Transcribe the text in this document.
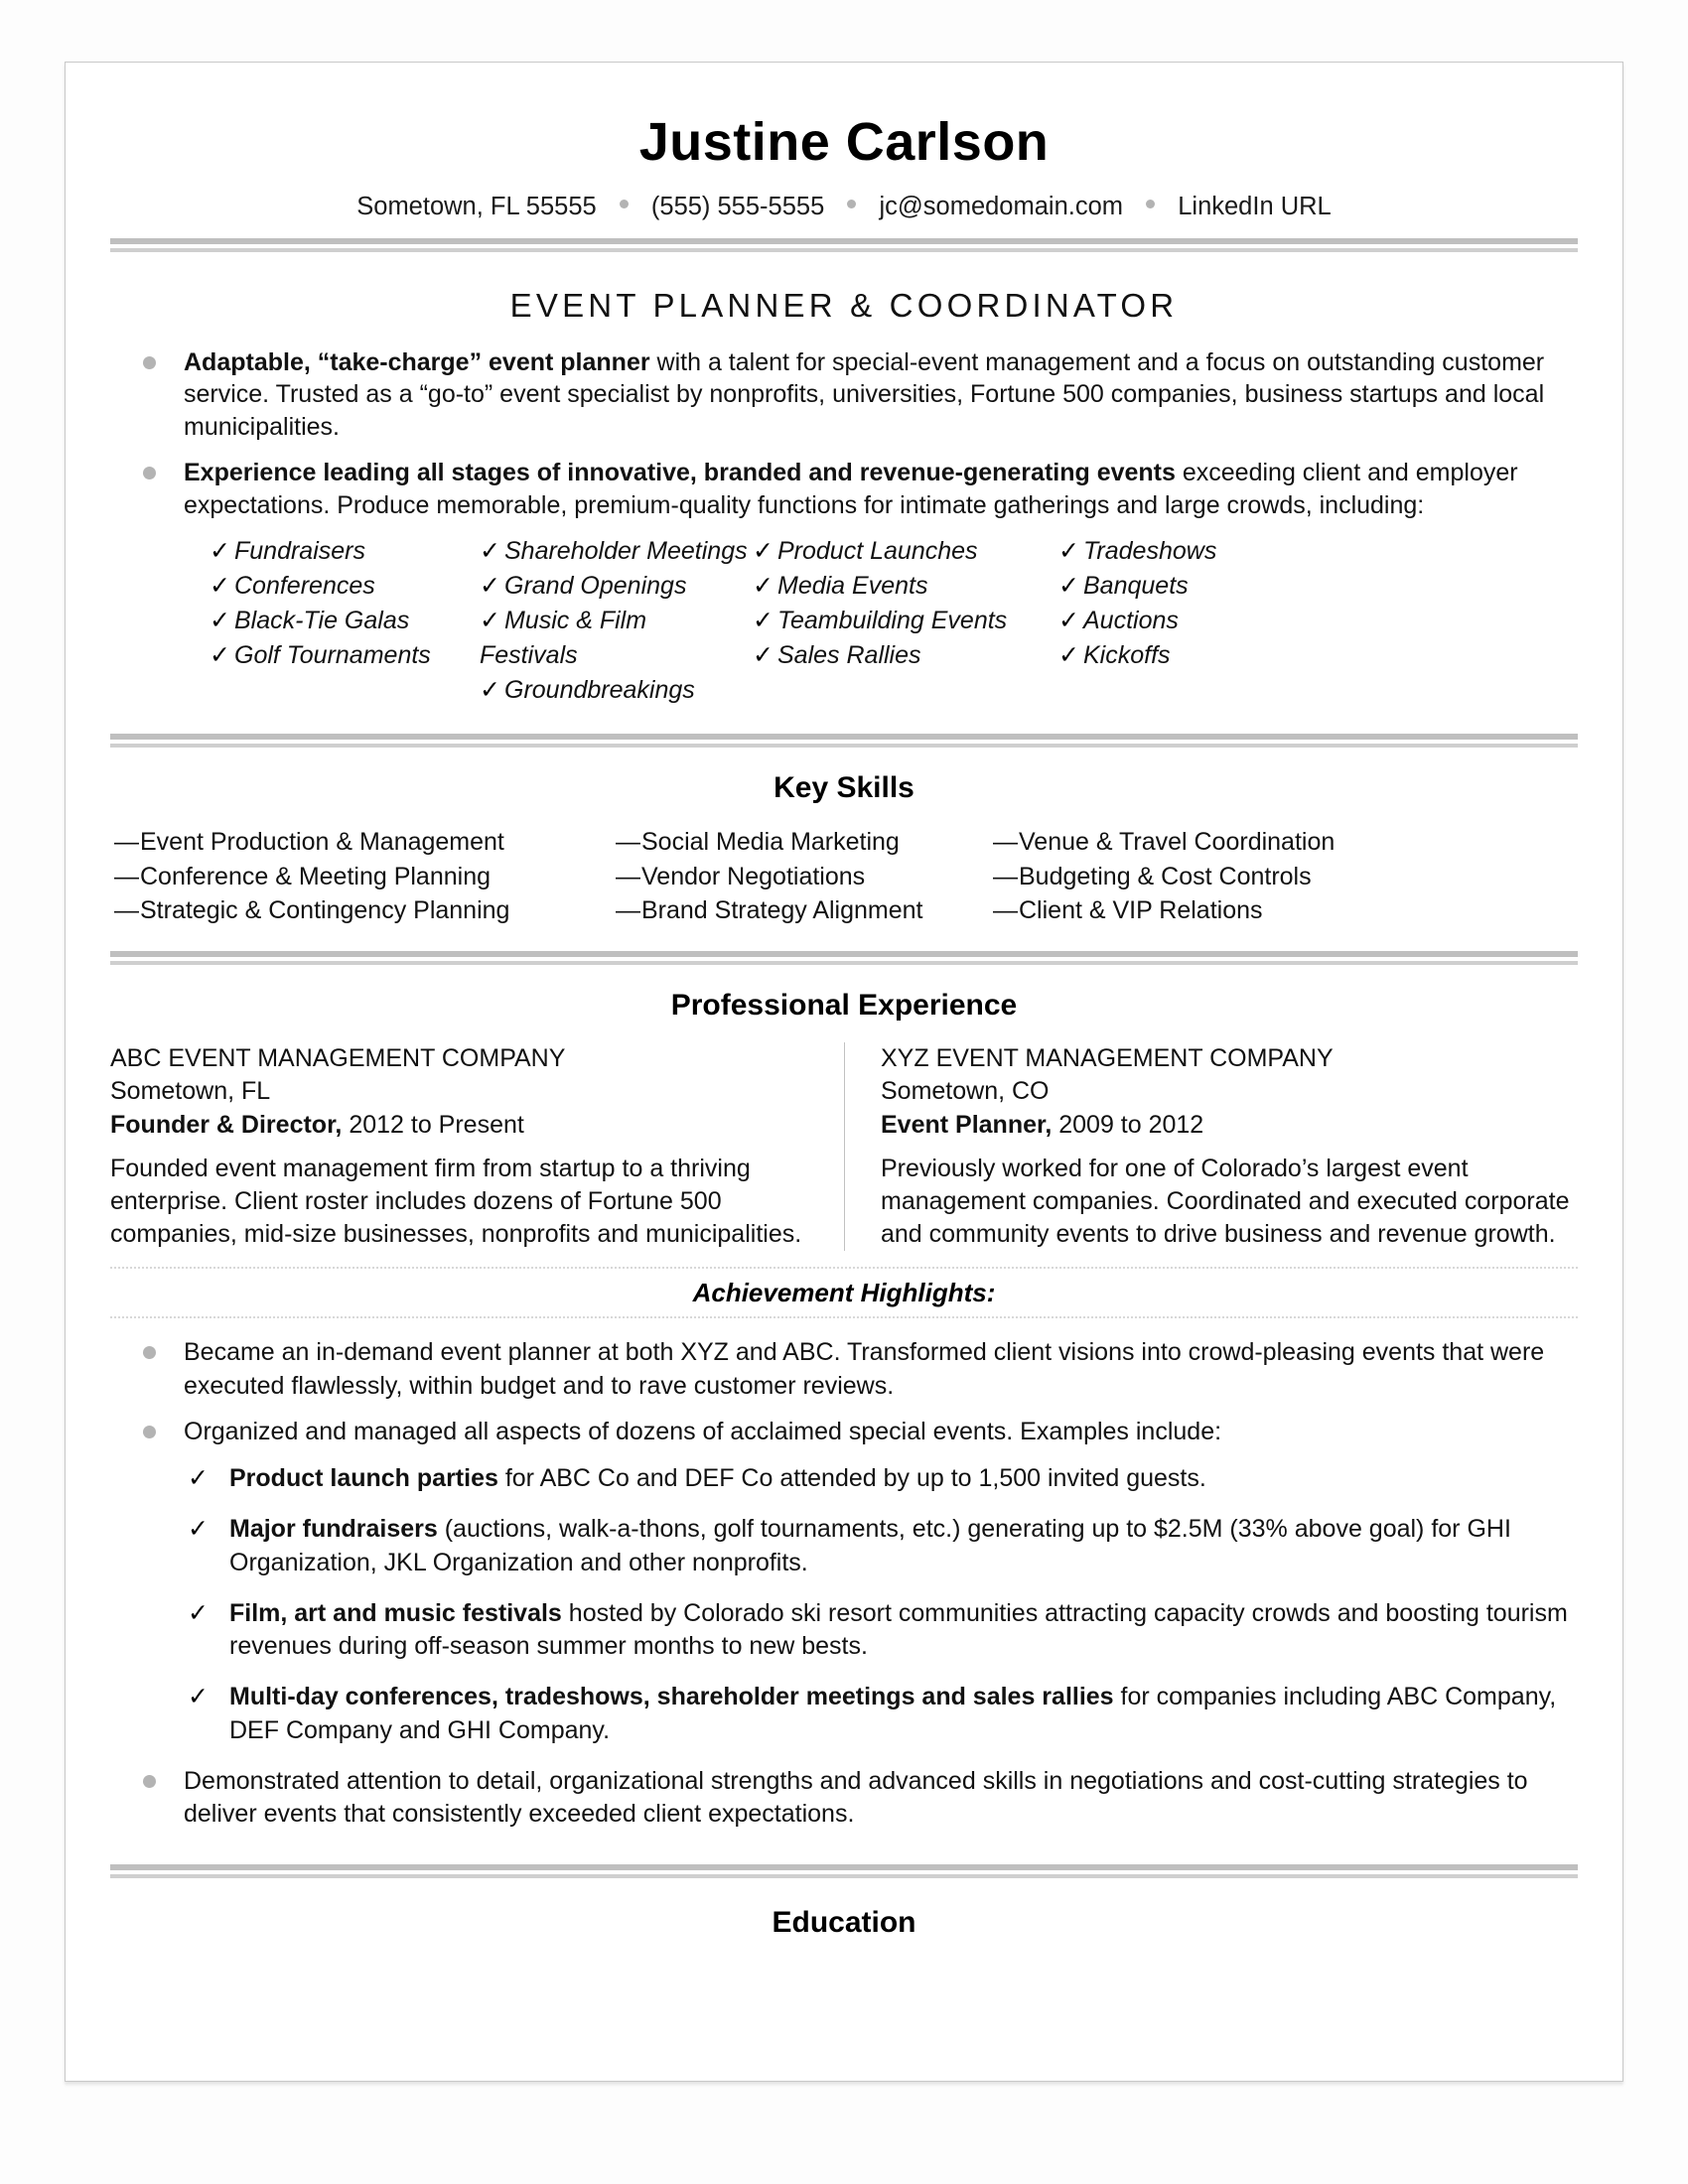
Justine Carlson
Sometown, FL 55555 (555) 555-5555 jc@somedomain.com LinkedIn URL
EVENT PLANNER & COORDINATOR
Adaptable, “take-charge” event planner with a talent for special-event management and a focus on outstanding customer service. Trusted as a “go-to” event specialist by nonprofits, universities, Fortune 500 companies, business startups and local municipalities.
Experience leading all stages of innovative, branded and revenue-generating events exceeding client and employer expectations. Produce memorable, premium-quality functions for intimate gatherings and large crowds, including:
✓ Fundraisers
✓ Conferences
✓ Black-Tie Galas
✓ Golf Tournaments
✓ Shareholder Meetings
✓ Grand Openings
✓ Music & Film
Festivals
✓ Groundbreakings
✓ Product Launches
✓ Media Events
✓ Teambuilding Events
✓ Sales Rallies
✓ Tradeshows
✓ Banquets
✓ Auctions
✓ Kickoffs
Key Skills
—Event Production & Management
—Conference & Meeting Planning
—Strategic & Contingency Planning
—Social Media Marketing
—Vendor Negotiations
—Brand Strategy Alignment
—Venue & Travel Coordination
—Budgeting & Cost Controls
—Client & VIP Relations
Professional Experience
ABC EVENT MANAGEMENT COMPANY
Sometown, FL
Founder & Director, 2012 to Present
Founded event management firm from startup to a thriving enterprise. Client roster includes dozens of Fortune 500 companies, mid-size businesses, nonprofits and municipalities.
XYZ EVENT MANAGEMENT COMPANY
Sometown, CO
Event Planner, 2009 to 2012
Previously worked for one of Colorado’s largest event management companies. Coordinated and executed corporate and community events to drive business and revenue growth.
Achievement Highlights:
Became an in-demand event planner at both XYZ and ABC. Transformed client visions into crowd-pleasing events that were executed flawlessly, within budget and to rave customer reviews.
Organized and managed all aspects of dozens of acclaimed special events. Examples include:
✓ Product launch parties for ABC Co and DEF Co attended by up to 1,500 invited guests.
✓ Major fundraisers (auctions, walk-a-thons, golf tournaments, etc.) generating up to $2.5M (33% above goal) for GHI Organization, JKL Organization and other nonprofits.
✓ Film, art and music festivals hosted by Colorado ski resort communities attracting capacity crowds and boosting tourism revenues during off-season summer months to new bests.
✓ Multi-day conferences, tradeshows, shareholder meetings and sales rallies for companies including ABC Company, DEF Company and GHI Company.
Demonstrated attention to detail, organizational strengths and advanced skills in negotiations and cost-cutting strategies to deliver events that consistently exceeded client expectations.
Education
